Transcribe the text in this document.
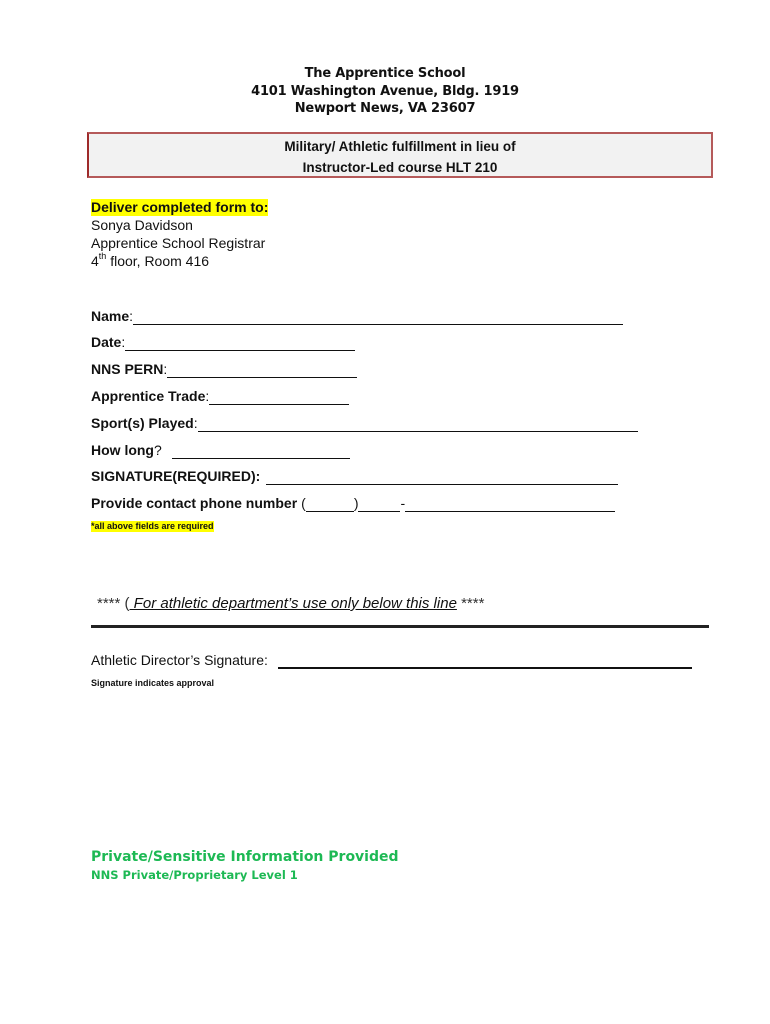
The Apprentice School
4101 Washington Avenue, Bldg. 1919
Newport News, VA 23607
Military/ Athletic fulfillment in lieu of
Instructor-Led course HLT 210
Deliver completed form to:
Sonya Davidson
Apprentice School Registrar
4th floor, Room 416
Name :
Date :
NNS PERN :
Apprentice Trade :
Sport(s) Played :
How long ?
SIGNATURE(REQUIRED):
Provide contact phone number (	)	-
*all above fields are required
**** ( For athletic department’s use only below this line ****
Athletic Director’s Signature:
Signature indicates approval
Private/Sensitive Information Provided
NNS Private/Proprietary Level 1
